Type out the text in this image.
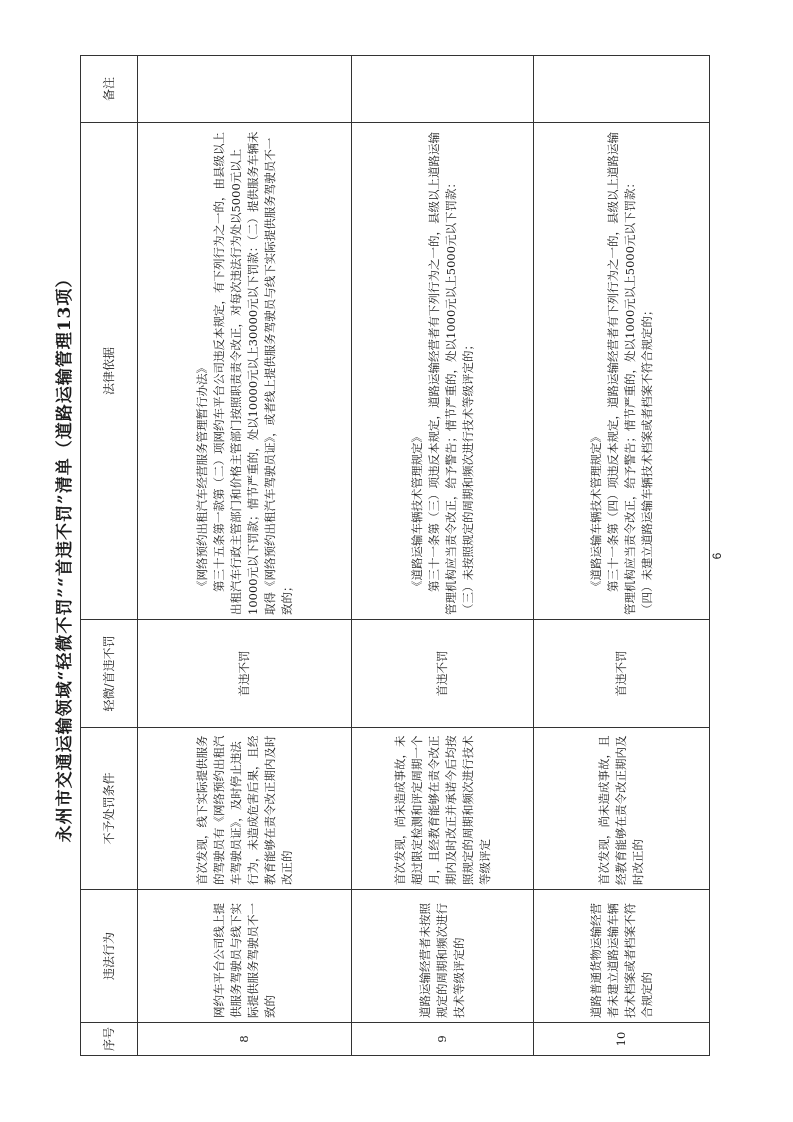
永州市交通运输领域“轻微不罚”“首违不罚”清单（道路运输管理13项）
序号	违法行为	不予处罚条件	轻微/首违不罚	法律依据	备注
8	网约车平台公司线上提供服务驾驶员与线下实际提供服务驾驶员不一致的	首次发现，线下实际提供服务的驾驶员有《网络预约出租汽车驾驶员证》，及时停止违法行为，未造成危害后果，且经教育能够在责令改正期内及时改正的	首违不罚	《网络预约出租汽车经营服务管理暂行办法》 第三十五条第一款第（二）项网约车平台公司违反本规定，有下列行为之一的，由县级以上出租汽车行政主管部门和价格主管部门按照职责责令改正，对每次违法行为处以5000元以上10000元以下罚款；情节严重的，处以10000元以上30000元以下罚款：（二）提供服务车辆未取得《网络预约出租汽车驾驶员证》，或者线上提供服务驾驶员与线下实际提供服务驾驶员不一致的；	

9	道路运输经营者未按照规定的周期和频次进行技术等级评定的	首次发现，尚未造成事故，未超过限定检测和评定周期一个月，且经教育能够在责令改正期内及时改正并承诺今后均按照规定的周期和频次进行技术等级评定	首违不罚	《道路运输车辆技术管理规定》 第三十一条第（三）项违反本规定，道路运输经营者有下列行为之一的，县级以上道路运输管理机构应当责令改正，给予警告；情节严重的，处以1000元以上5000元以下罚款： （三）未按照规定的周期和频次进行技术等级评定的；	

10	道路普通货物运输经营者未建立道路运输车辆技术档案或者档案不符合规定的	首次发现，尚未造成事故，且经教育能够在责令改正期内及时改正的	首违不罚	《道路运输车辆技术管理规定》 第三十一条第（四）项违反本规定，道路运输经营者有下列行为之一的，县级以上道路运输管理机构应当责令改正，给予警告；情节严重的，处以1000元以上5000元以下罚款： （四）未建立道路运输车辆技术档案或者档案不符合规定的；	
		6
